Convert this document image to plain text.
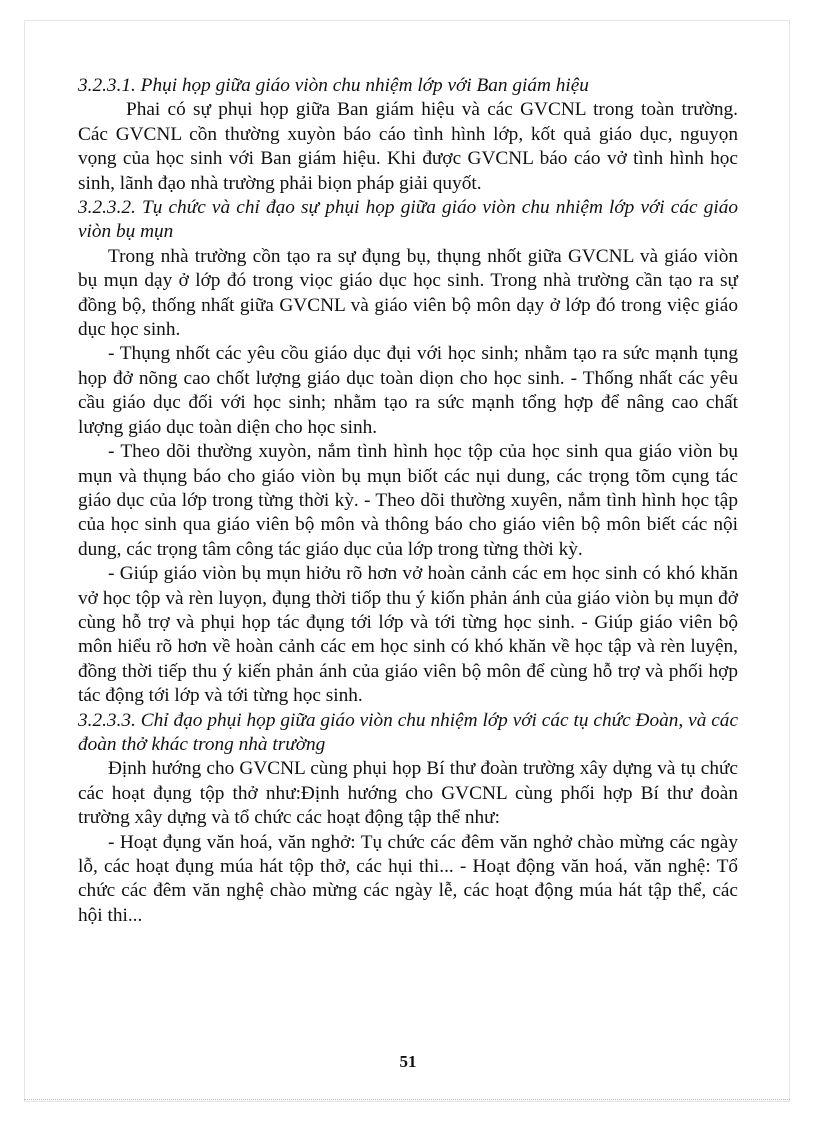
3.2.3.1. Phụi họp giữa giáo viòn chu nhiệm lớp với Ban giám hiệu

Phai có sự phụi họp giữa Ban giám hiệu và các GVCNL trong toàn trường. Các GVCNL cồn thường xuyòn báo cáo tình hình lớp, kốt quả giáo dục, nguyọn vọng của học sinh với Ban giám hiệu. Khi được GVCNL báo cáo vở tình hình học sinh, lãnh đạo nhà trường phải biọn pháp giải quyốt.

3.2.3.2. Tụ chức và chỉ đạo sự phụi họp giữa giáo viòn chu nhiệm lớp với các giáo viòn bụ mụn

Trong nhà trường cồn tạo ra sự đụng bụ, thụng nhốt giữa GVCNL và giáo viòn bụ mụn dạy ở lớp đó trong viọc giáo dục học sinh. Trong nhà trường cần tạo ra sự đồng bộ, thống nhất giữa GVCNL và giáo viên bộ môn dạy ở lớp đó trong việc giáo dục học sinh.

- Thụng nhốt các yêu cồu giáo dục đụi với học sinh; nhằm tạo ra sức mạnh tụng họp đở nõng cao chốt lượng giáo dục toàn diọn cho học sinh. - Thống nhất các yêu cầu giáo dục đối với học sinh; nhằm tạo ra sức mạnh tổng hợp để nâng cao chất lượng giáo dục toàn diện cho học sinh.

- Theo dõi thường xuyòn, nắm tình hình học tộp của học sinh qua giáo viòn bụ mụn và thụng báo cho giáo viòn bụ mụn biốt các nụi dung, các trọng tõm cụng tác giáo dục của lớp trong từng thời kỳ. - Theo dõi thường xuyên, nắm tình hình học tập của học sinh qua giáo viên bộ môn và thông báo cho giáo viên bộ môn biết các nội dung, các trọng tâm công tác giáo dục của lớp trong từng thời kỳ.

- Giúp giáo viòn bụ mụn hiởu rõ hơn vở hoàn cảnh các em học sinh có khó khăn vở học tộp và rèn luyọn, đụng thời tiốp thu ý kiốn phản ánh của giáo viòn bụ mụn đở cùng hỗ trợ và phụi họp tác đụng tới lớp và tới từng học sinh. - Giúp giáo viên bộ môn hiểu rõ hơn về hoàn cảnh các em học sinh có khó khăn về học tập và rèn luyện, đồng thời tiếp thu ý kiến phản ánh của giáo viên bộ môn để cùng hỗ trợ và phối hợp tác động tới lớp và tới từng học sinh.

3.2.3.3. Chỉ đạo phụi họp giữa giáo viòn chu nhiệm lớp với các tụ chức Đoàn, và các đoàn thở khác trong nhà trường

Định hướng cho GVCNL cùng phụi họp Bí thư đoàn trường xây dựng và tụ chức các hoạt đụng tộp thở như:Định hướng cho GVCNL cùng phối hợp Bí thư đoàn trường xây dựng và tổ chức các hoạt động tập thể như:

- Hoạt đụng văn hoá, văn nghở: Tụ chức các đêm văn nghở chào mừng các ngày lỗ, các hoạt đụng múa hát tộp thở, các hụi thi... - Hoạt động văn hoá, văn nghệ: Tổ chức các đêm văn nghệ chào mừng các ngày lễ, các hoạt động múa hát tập thể, các hội thi...

51
